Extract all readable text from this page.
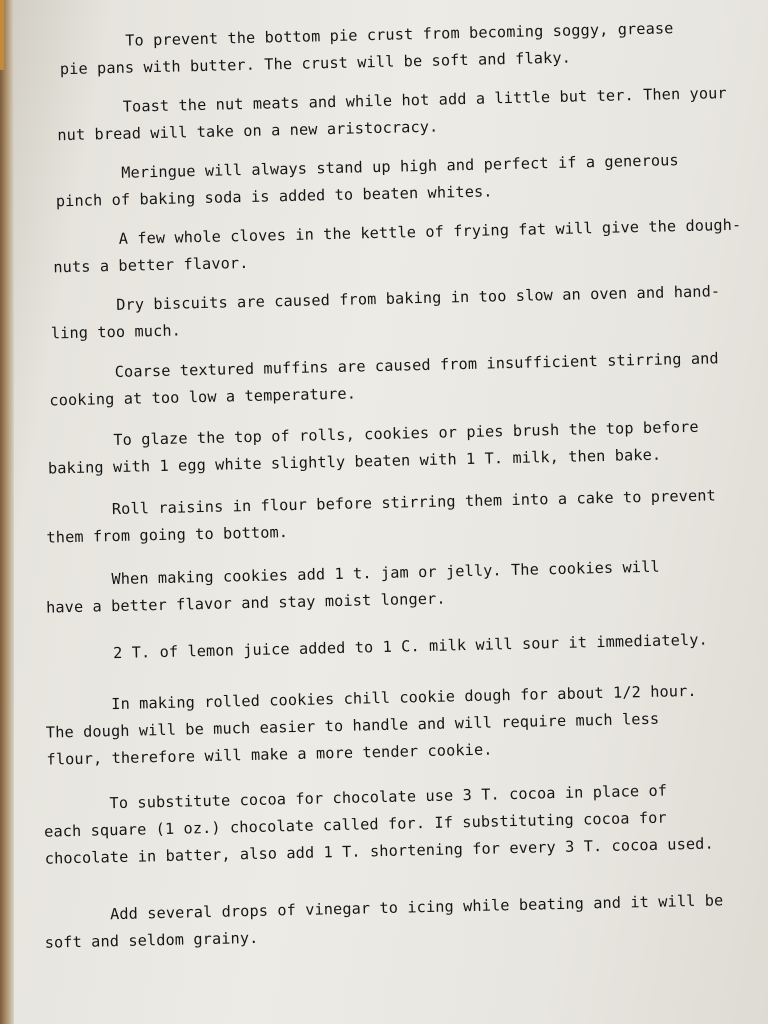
To prevent the bottom pie crust from becoming soggy, grease
pie pans with butter. The crust will be soft and flaky.
Toast the nut meats and while hot add a little but ter. Then your
nut bread will take on a new aristocracy.
Meringue will always stand up high and perfect if a generous
pinch of baking soda is added to beaten whites.
A few whole cloves in the kettle of frying fat will give the dough-
nuts a better flavor.
Dry biscuits are caused from baking in too slow an oven and hand-
ling too much.
Coarse textured muffins are caused from insufficient stirring and
cooking at too low a temperature.
To glaze the top of rolls, cookies or pies brush the top before
baking with 1 egg white slightly beaten with 1 T. milk, then bake.
Roll raisins in flour before stirring them into a cake to prevent
them from going to bottom.
When making cookies add 1 t. jam or jelly. The cookies will
have a better flavor and stay moist longer.
2 T. of lemon juice added to 1 C. milk will sour it immediately.
In making rolled cookies chill cookie dough for about 1/2 hour.
The dough will be much easier to handle and will require much less
flour, therefore will make a more tender cookie.
To substitute cocoa for chocolate use 3 T. cocoa in place of
each square (1 oz.) chocolate called for. If substituting cocoa for
chocolate in batter, also add 1 T. shortening for every 3 T. cocoa used.
Add several drops of vinegar to icing while beating and it will be
soft and seldom grainy.
